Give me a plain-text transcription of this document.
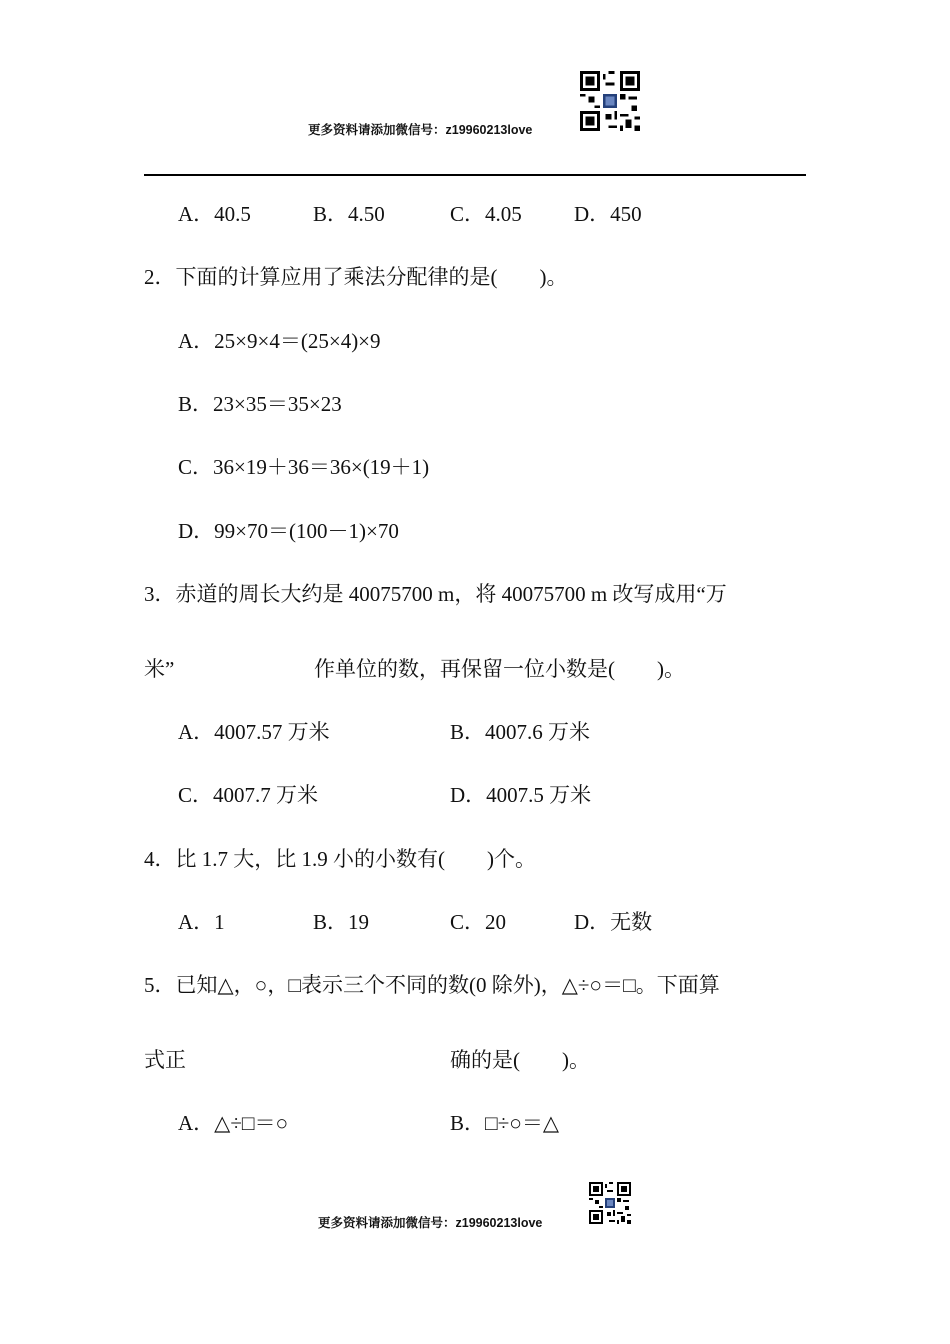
更多资料请添加微信号：z19960213love
A．40.5	B．4.50	C．4.05 D．450
2．下面的计算应用了乘法分配律的是(　　)。
A．25×9×4＝(25×4)×9
B．23×35＝35×23
C．36×19＋36＝36×(19＋1)
D．99×70＝(100－1)×70
3．赤道的周长大约是 40075700 m，将 40075700 m 改写成用“万
米”	作单位的数，再保留一位小数是(　　)。
A．4007.57 万米	B．4007.6 万米
C．4007.7 万米	D．4007.5 万米
4．比 1.7 大，比 1.9 小的小数有(　　)个。
A．1	B．19	C．20	D．无数
5．已知△，○，□表示三个不同的数(0 除外)，△÷○＝□。下面算
式正	确的是(　　)。
A．△÷□＝○	B．□÷○＝△
更多资料请添加微信号：z19960213love
